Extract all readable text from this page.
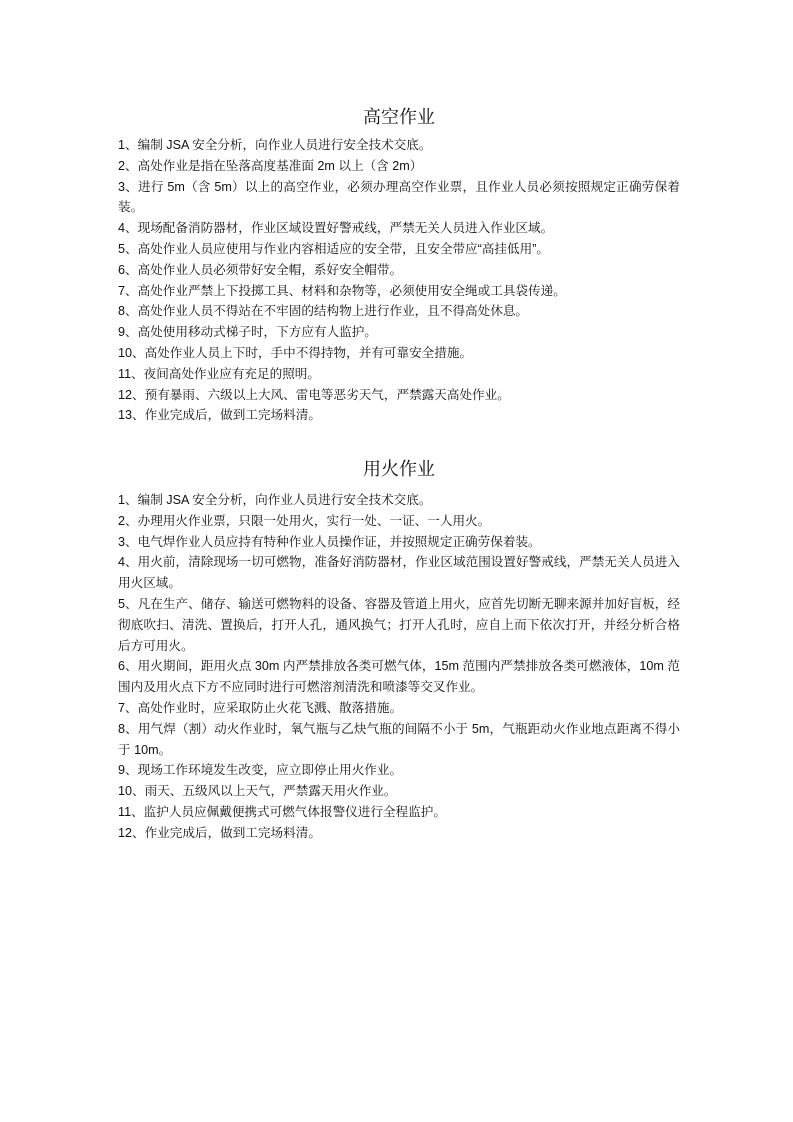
高空作业
1、编制 JSA 安全分析，向作业人员进行安全技术交底。
2、高处作业是指在坠落高度基准面 2m 以上（含 2m）
3、进行 5m（含 5m）以上的高空作业，必须办理高空作业票，且作业人员必须按照规定正确劳保着装。
4、现场配备消防器材，作业区域设置好警戒线，严禁无关人员进入作业区域。
5、高处作业人员应使用与作业内容相适应的安全带，且安全带应“高挂低用”。
6、高处作业人员必须带好安全帽，系好安全帽带。
7、高处作业严禁上下投掷工具、材料和杂物等，必须使用安全绳或工具袋传递。
8、高处作业人员不得站在不牢固的结构物上进行作业，且不得高处休息。
9、高处使用移动式梯子时，下方应有人监护。
10、高处作业人员上下时，手中不得持物，并有可靠安全措施。
11、夜间高处作业应有充足的照明。
12、预有暴雨、六级以上大风、雷电等恶劣天气，严禁露天高处作业。
13、作业完成后，做到工完场料清。
用火作业
1、编制 JSA 安全分析，向作业人员进行安全技术交底。
2、办理用火作业票，只限一处用火，实行一处、一证、一人用火。
3、电气焊作业人员应持有特种作业人员操作证，并按照规定正确劳保着装。
4、用火前，清除现场一切可燃物，准备好消防器材，作业区域范围设置好警戒线，严禁无关人员进入用火区域。
5、凡在生产、储存、输送可燃物料的设备、容器及管道上用火，应首先切断无聊来源并加好盲板，经彻底吹扫、清洗、置换后，打开人孔，通风换气；打开人孔时，应自上而下依次打开，并经分析合格后方可用火。
6、用火期间，距用火点 30m 内严禁排放各类可燃气体，15m 范围内严禁排放各类可燃液体，10m 范围内及用火点下方不应同时进行可燃溶剂清洗和喷漆等交叉作业。
7、高处作业时，应采取防止火花飞溅、散落措施。
8、用气焊（割）动火作业时，氧气瓶与乙炔气瓶的间隔不小于 5m，气瓶距动火作业地点距离不得小于 10m。
9、现场工作环境发生改变，应立即停止用火作业。
10、雨天、五级风以上天气，严禁露天用火作业。
11、监护人员应佩戴便携式可燃气体报警仪进行全程监护。
12、作业完成后，做到工完场料清。
